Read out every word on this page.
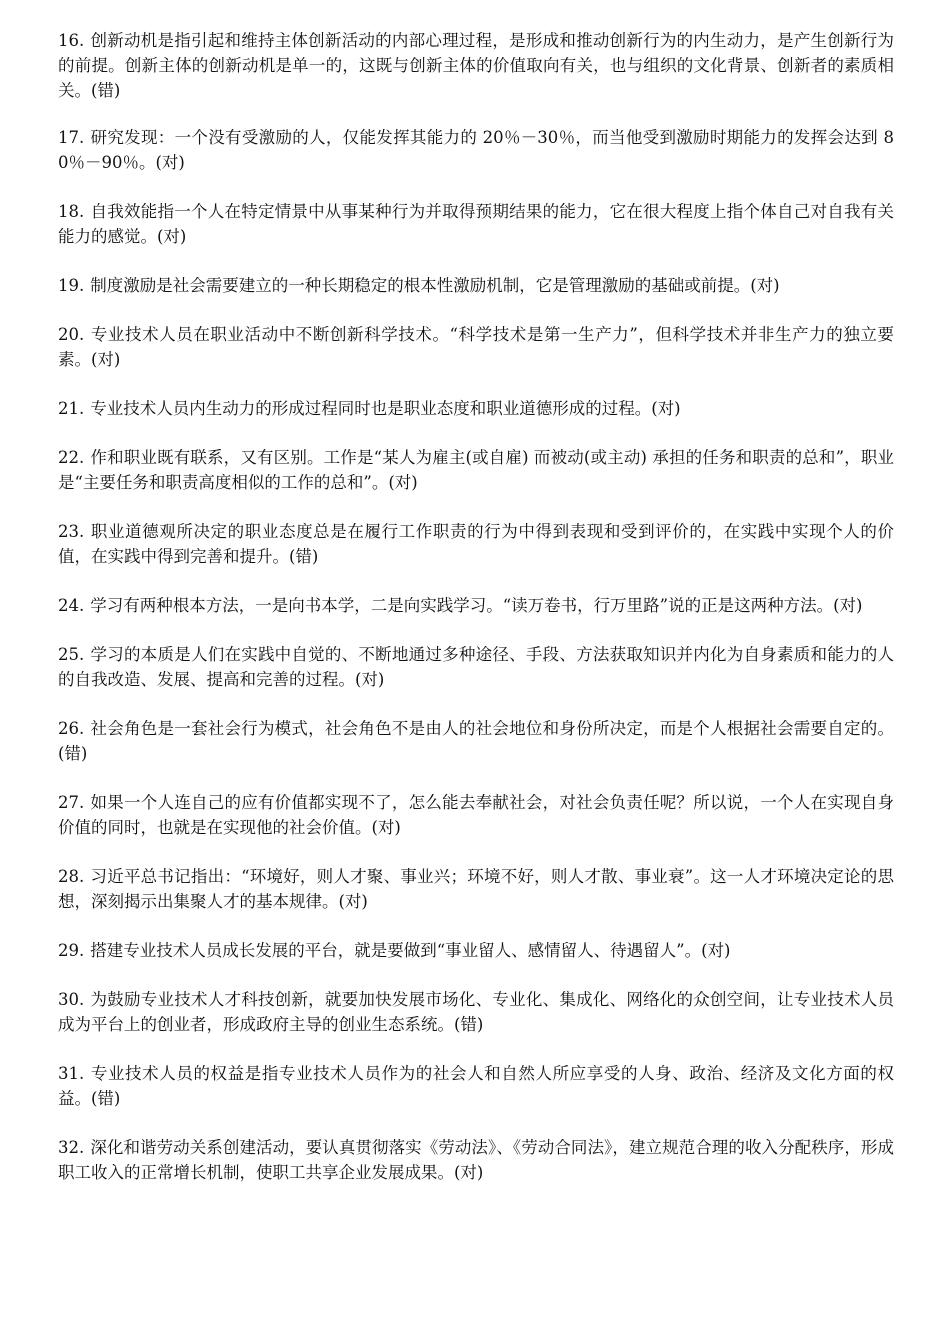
16. 创新动机是指引起和维持主体创新活动的内部心理过程，是形成和推动创新行为的内生动力，是产生创新行为的前提。创新主体的创新动机是单一的，这既与创新主体的价值取向有关，也与组织的文化背景、创新者的素质相关。(错)

17. 研究发现：一个没有受激励的人，仅能发挥其能力的 20％－30％，而当他受到激励时期能力的发挥会达到 80％－90％。(对)

18. 自我效能指一个人在特定情景中从事某种行为并取得预期结果的能力，它在很大程度上指个体自己对自我有关能力的感觉。(对)

19. 制度激励是社会需要建立的一种长期稳定的根本性激励机制，它是管理激励的基础或前提。(对)

20. 专业技术人员在职业活动中不断创新科学技术。“科学技术是第一生产力”，但科学技术并非生产力的独立要素。(对)

21. 专业技术人员内生动力的形成过程同时也是职业态度和职业道德形成的过程。(对)

22. 作和职业既有联系，又有区别。工作是“某人为雇主(或自雇) 而被动(或主动) 承担的任务和职责的总和”，职业是“主要任务和职责高度相似的工作的总和”。(对)

23. 职业道德观所决定的职业态度总是在履行工作职责的行为中得到表现和受到评价的，在实践中实现个人的价值，在实践中得到完善和提升。(错)

24. 学习有两种根本方法，一是向书本学，二是向实践学习。“读万卷书，行万里路”说的正是这两种方法。(对)

25. 学习的本质是人们在实践中自觉的、不断地通过多种途径、手段、方法获取知识并内化为自身素质和能力的人的自我改造、发展、提高和完善的过程。(对)

26. 社会角色是一套社会行为模式，社会角色不是由人的社会地位和身份所决定，而是个人根据社会需要自定的。(错)

27. 如果一个人连自己的应有价值都实现不了，怎么能去奉献社会，对社会负责任呢？所以说，一个人在实现自身价值的同时，也就是在实现他的社会价值。(对)

28. 习近平总书记指出：“环境好，则人才聚、事业兴；环境不好，则人才散、事业衰”。这一人才环境决定论的思想，深刻揭示出集聚人才的基本规律。(对)

29. 搭建专业技术人员成长发展的平台，就是要做到“事业留人、感情留人、待遇留人”。(对)

30. 为鼓励专业技术人才科技创新，就要加快发展市场化、专业化、集成化、网络化的众创空间，让专业技术人员成为平台上的创业者，形成政府主导的创业生态系统。(错)

31. 专业技术人员的权益是指专业技术人员作为的社会人和自然人所应享受的人身、政治、经济及文化方面的权益。(错)

32. 深化和谐劳动关系创建活动，要认真贯彻落实《劳动法》、《劳动合同法》，建立规范合理的收入分配秩序，形成职工收入的正常增长机制，使职工共享企业发展成果。(对)
